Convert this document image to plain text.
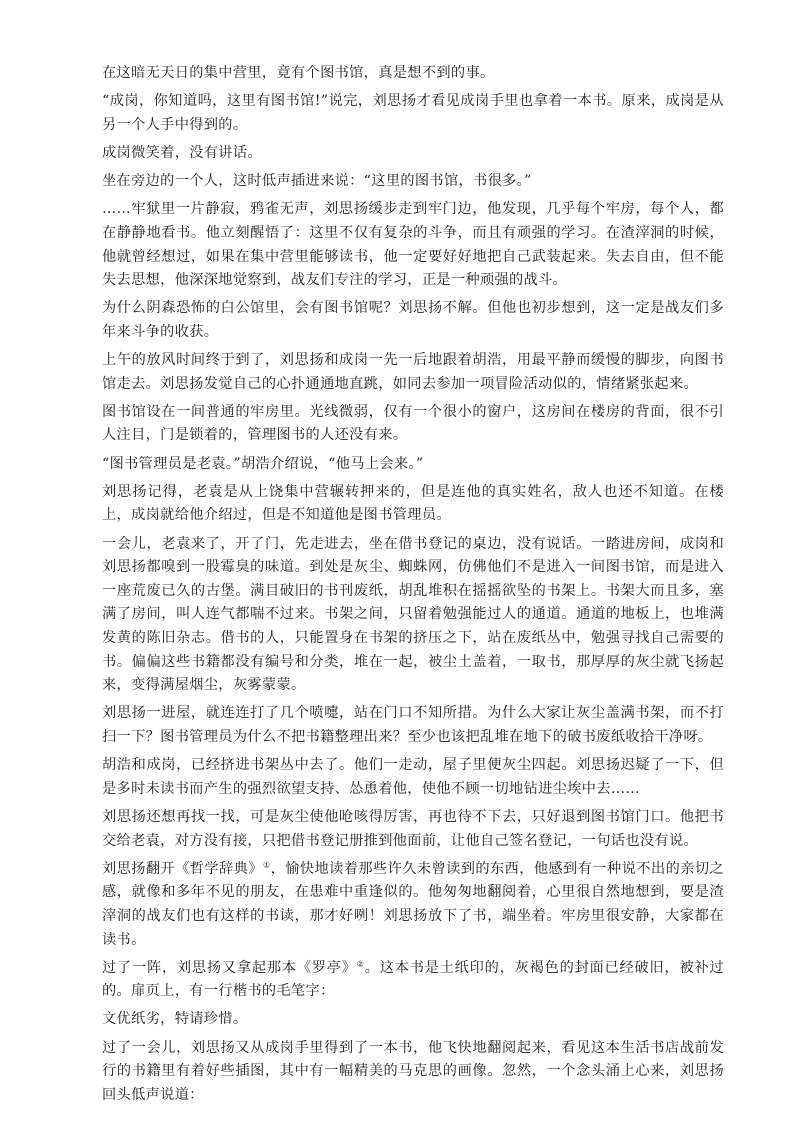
在这暗无天日的集中营里，竟有个图书馆，真是想不到的事。

“成岗，你知道吗，这里有图书馆!”说完，刘思扬才看见成岗手里也拿着一本书。原来，成岗是从另一个人手中得到的。

成岗微笑着，没有讲话。

坐在旁边的一个人，这时低声插进来说：“这里的图书馆，书很多。”

……牢狱里一片静寂，鸦雀无声，刘思扬缓步走到牢门边，他发现，几乎每个牢房，每个人，都在静静地看书。他立刻醒悟了：这里不仅有复杂的斗争，而且有顽强的学习。在渣滓洞的时候，他就曾经想过，如果在集中营里能够读书，他一定要好好地把自己武装起来。失去自由，但不能失去思想，他深深地觉察到，战友们专注的学习，正是一种顽强的战斗。

为什么阴森恐怖的白公馆里，会有图书馆呢？刘思扬不解。但他也初步想到，这一定是战友们多年来斗争的收获。

上午的放风时间终于到了，刘思扬和成岗一先一后地跟着胡浩，用最平静而缓慢的脚步，向图书馆走去。刘思扬发觉自己的心扑通通地直跳，如同去参加一项冒险活动似的，情绪紧张起来。

图书馆设在一间普通的牢房里。光线微弱，仅有一个很小的窗户，这房间在楼房的背面，很不引人注目，门是锁着的，管理图书的人还没有来。

“图书管理员是老袁。”胡浩介绍说，“他马上会来。”

刘思扬记得，老袁是从上饶集中营辗转押来的，但是连他的真实姓名，敌人也还不知道。在楼上，成岗就给他介绍过，但是不知道他是图书管理员。

一会儿，老袁来了，开了门，先走进去，坐在借书登记的桌边，没有说话。一踏进房间，成岗和刘思扬都嗅到一股霉臭的味道。到处是灰尘、蜘蛛网，仿佛他们不是进入一间图书馆，而是进入一座荒废已久的古堡。满目破旧的书刊废纸，胡乱堆积在摇摇欲坠的书架上。书架大而且多，塞满了房间，叫人连气都喘不过来。书架之间，只留着勉强能过人的通道。通道的地板上，也堆满发黄的陈旧杂志。借书的人，只能置身在书架的挤压之下，站在废纸丛中，勉强寻找自己需要的书。偏偏这些书籍都没有编号和分类，堆在一起，被尘土盖着，一取书，那厚厚的灰尘就飞扬起来，变得满屋烟尘，灰雾蒙蒙。

刘思扬一进屋，就连连打了几个喷嚏，站在门口不知所措。为什么大家让灰尘盖满书架，而不打扫一下？图书管理员为什么不把书籍整理出来？至少也该把乱堆在地下的破书废纸收拾干净呀。

胡浩和成岗，已经挤进书架丛中去了。他们一走动，屋子里便灰尘四起。刘思扬迟疑了一下，但是多时未读书而产生的强烈欲望支持、怂恿着他，使他不顾一切地钻进尘埃中去……

刘思扬还想再找一找，可是灰尘使他呛咳得厉害，再也待不下去，只好退到图书馆门口。他把书交给老袁，对方没有接，只把借书登记册推到他面前，让他自己签名登记，一句话也没有说。

刘思扬翻开《哲学辞典》①，愉快地读着那些许久未曾读到的东西，他感到有一种说不出的亲切之感，就像和多年不见的朋友，在患难中重逢似的。他匆匆地翻阅着，心里很自然地想到，要是渣滓洞的战友们也有这样的书读，那才好咧！刘思扬放下了书，端坐着。牢房里很安静，大家都在读书。

过了一阵，刘思扬又拿起那本《罗亭》②。这本书是土纸印的，灰褐色的封面已经破旧，被补过的。扉页上，有一行楷书的毛笔字：

文优纸劣，特请珍惜。

过了一会儿，刘思扬又从成岗手里得到了一本书，他飞快地翻阅起来，看见这本生活书店战前发行的书籍里有着好些插图，其中有一幅精美的马克思的画像。忽然，一个念头涌上心来，刘思扬回头低声说道：
